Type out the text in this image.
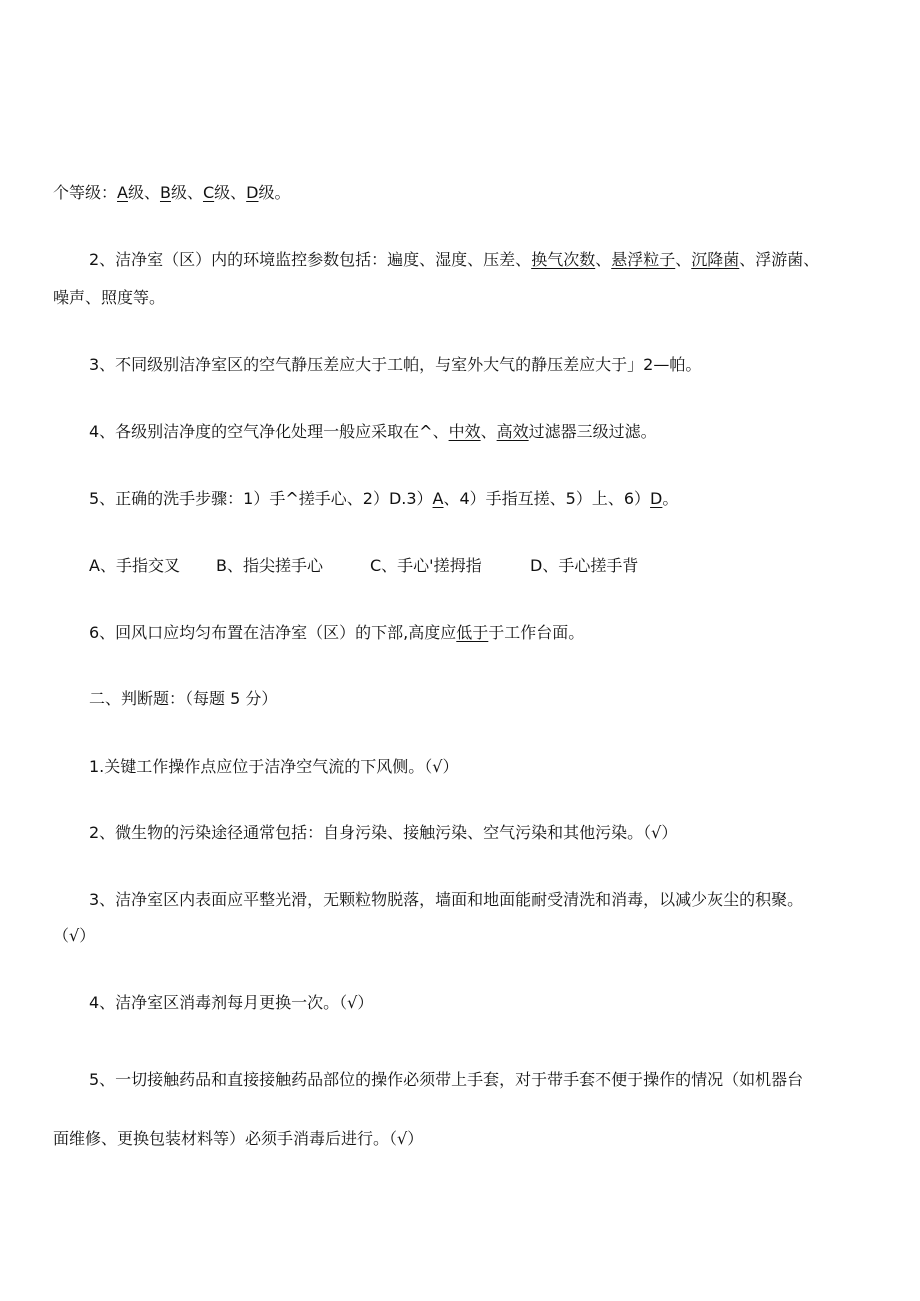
个等级：A级、B级、C级、D级。
2、洁净室（区）内的环境监控参数包括：遍度、湿度、压差、换气次数、悬浮粒子、沉降菌、浮游菌、
噪声、照度等。
3、不同级别洁净室区的空气静压差应大于工帕，与室外大气的静压差应大于」2—帕。
4、各级别洁净度的空气净化处理一般应采取在^、中效、高效过滤器三级过滤。
5、正确的洗手步骤：1）手^搓手心、2）D.3）A、4）手指互搓、5）上、6）D。
A、手指交叉 B、指尖搓手心	C、手心'搓拇指	D、手心搓手背
6、回风口应均匀布置在洁净室（区）的下部,高度应低于于工作台面。
二、判断题：（每题 5 分）
1.关键工作操作点应位于洁净空气流的下风侧。（√）
2、微生物的污染途径通常包括：自身污染、接触污染、空气污染和其他污染。（√）
3、洁净室区内表面应平整光滑，无颗粒物脱落，墙面和地面能耐受清洗和消毒，以减少灰尘的积聚。
（√）
4、洁净室区消毒剂每月更换一次。（√）
5、一切接触药品和直接接触药品部位的操作必须带上手套，对于带手套不便于操作的情况（如机器台
面维修、更换包装材料等）必须手消毒后进行。（√）
